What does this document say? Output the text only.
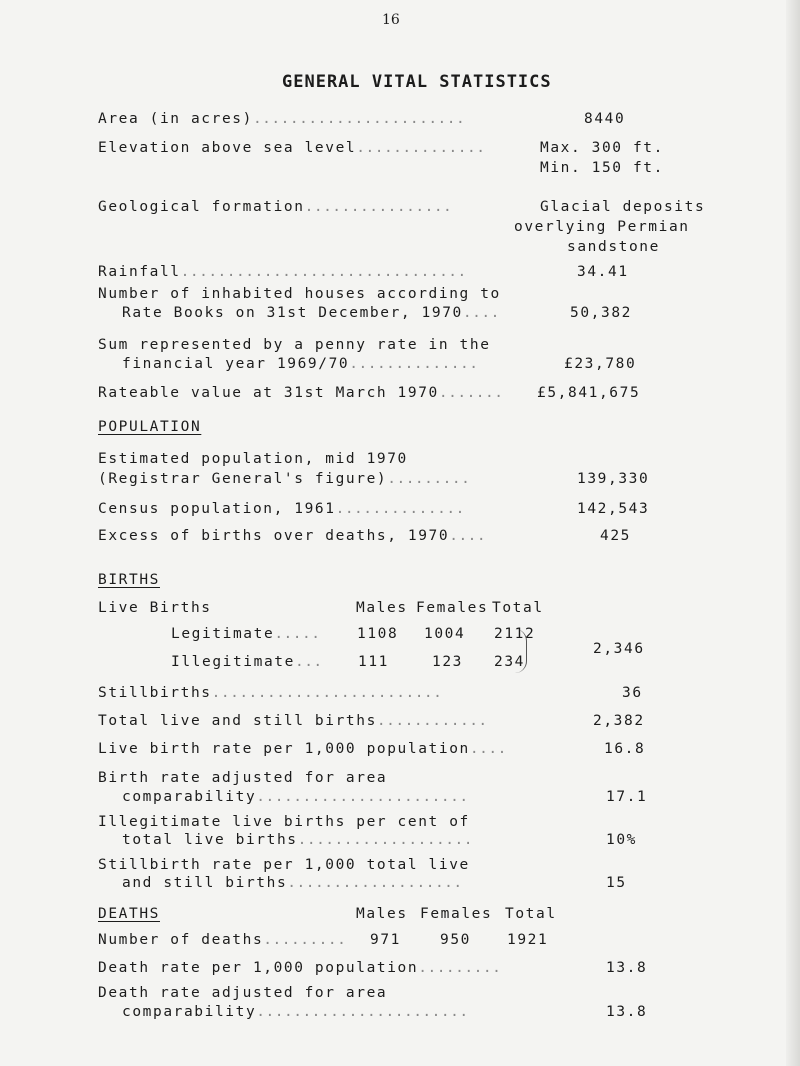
16
GENERAL VITAL STATISTICS
Area (in acres).......................	8440
Elevation above sea level..............	Max. 300 ft.
Min. 150 ft.
Geological formation................	Glacial deposits
overlying Permian
sandstone
Rainfall...............................	34.41
Number of inhabited houses according to
Rate Books on 31st December, 1970....	50,382
Sum represented by a penny rate in the
financial year 1969/70..............	£23,780
Rateable value at 31st March 1970....... £5,841,675
POPULATION
Estimated population, mid 1970
(Registrar General's figure).........	139,330
Census population, 1961..............	142,543
Excess of births over deaths, 1970....	425
BIRTHS
Live Births	Males Females Total
Legitimate.....	1108 1004 2112
Illegitimate... 111	123 234
2,346
Stillbirths.........................	36
Total live and still births............	2,382
Live birth rate per 1,000 population....	16.8
Birth rate adjusted for area
comparability.......................	17.1
Illegitimate live births per cent of
total live births...................	10%
Stillbirth rate per 1,000 total live
and still births...................	15
DEATHS	Males Females Total
Number of deaths......... 971	950 1921
Death rate per 1,000 population.........	13.8
Death rate adjusted for area
comparability.......................	13.8
